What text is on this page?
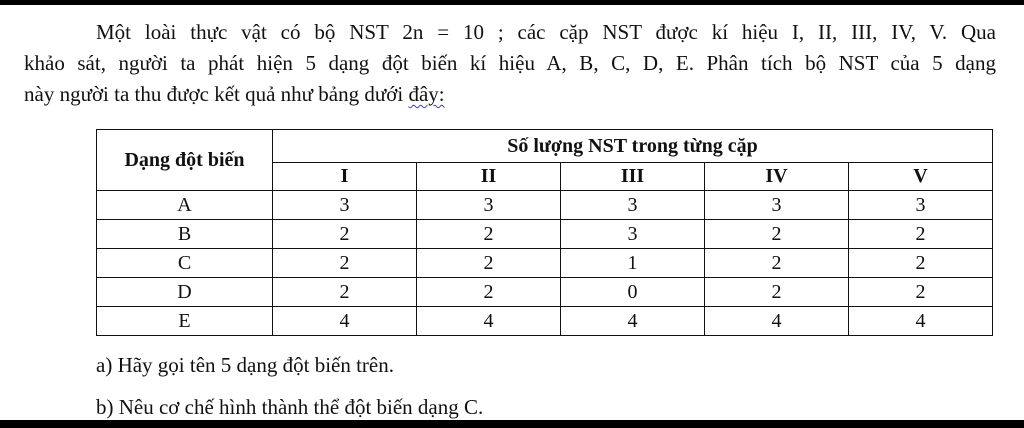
Một loài thực vật có bộ NST 2n = 10 ; các cặp NST được kí hiệu I, II, III, IV, V. Qua
khảo sát, người ta phát hiện 5 dạng đột biến kí hiệu A, B, C, D, E. Phân tích bộ NST của 5 dạng
này người ta thu được kết quả như bảng dưới đây:
Dạng đột biến	Số lượng NST trong từng cặp				
	I	II	III	IV	V
A	3	3	3	3	3
B	2	2	3	2	2
C	2	2	1	2	2
D	2	2	0	2	2
E	4	4	4	4	4
a) Hãy gọi tên 5 dạng đột biến trên.
b) Nêu cơ chế hình thành thể đột biến dạng C.
